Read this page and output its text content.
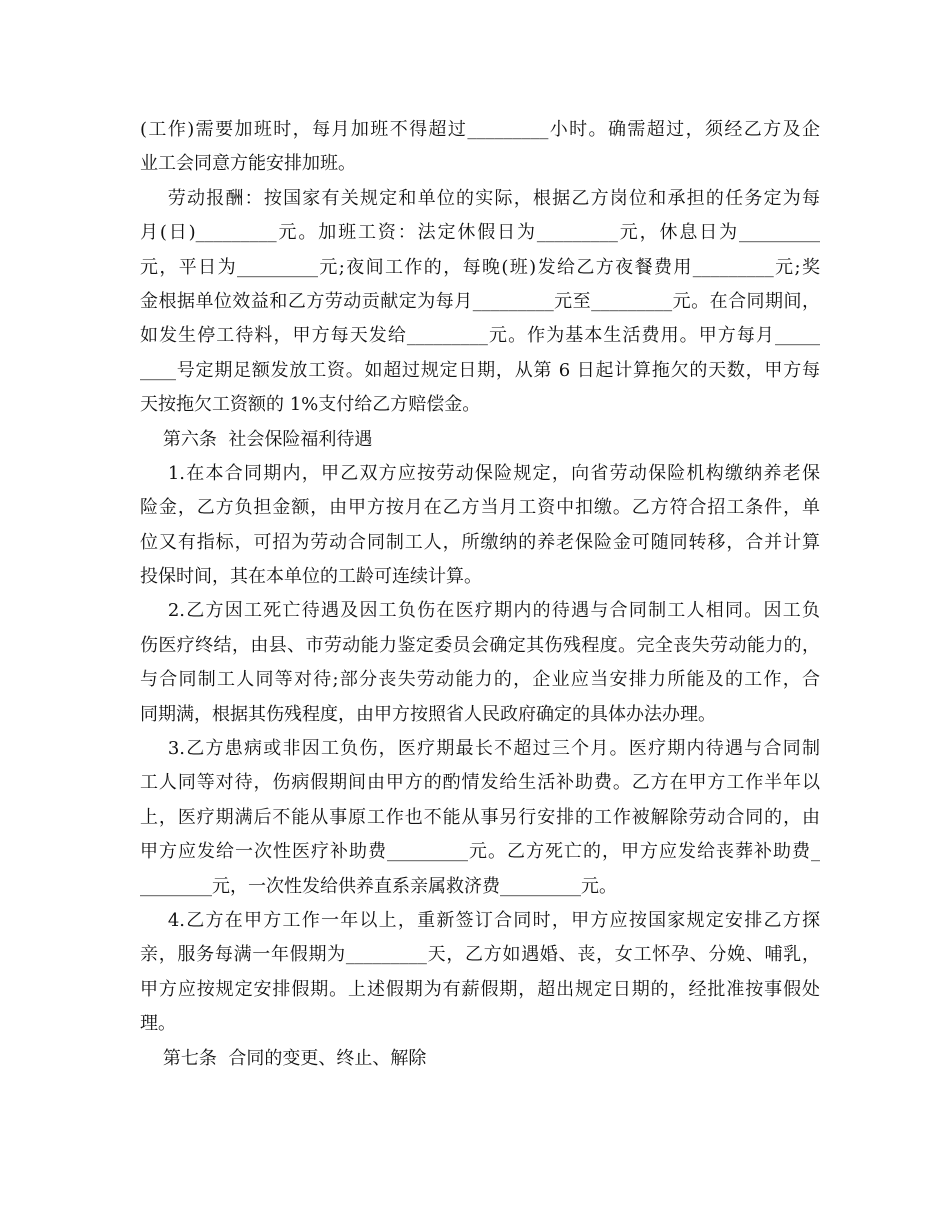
(工作)需要加班时，每月加班不得超过_________小时。确需超过，须经乙方及企
业工会同意方能安排加班。
劳动报酬：按国家有关规定和单位的实际，根据乙方岗位和承担的任务定为每
月(日)_________元。加班工资：法定休假日为_________元，休息日为_________
元，平日为_________元;夜间工作的，每晚(班)发给乙方夜餐费用_________元;奖
金根据单位效益和乙方劳动贡献定为每月_________元至_________元。在合同期间，
如发生停工待料，甲方每天发给_________元。作为基本生活费用。甲方每月_____
____号定期足额发放工资。如超过规定日期，从第 6 日起计算拖欠的天数，甲方每
天按拖欠工资额的 1%支付给乙方赔偿金。
第六条  社会保险福利待遇
1.在本合同期内，甲乙双方应按劳动保险规定，向省劳动保险机构缴纳养老保
险金，乙方负担金额，由甲方按月在乙方当月工资中扣缴。乙方符合招工条件，单
位又有指标，可招为劳动合同制工人，所缴纳的养老保险金可随同转移，合并计算
投保时间，其在本单位的工龄可连续计算。
2.乙方因工死亡待遇及因工负伤在医疗期内的待遇与合同制工人相同。因工负
伤医疗终结，由县、市劳动能力鉴定委员会确定其伤残程度。完全丧失劳动能力的，
与合同制工人同等对待;部分丧失劳动能力的，企业应当安排力所能及的工作，合
同期满，根据其伤残程度，由甲方按照省人民政府确定的具体办法办理。
3.乙方患病或非因工负伤，医疗期最长不超过三个月。医疗期内待遇与合同制
工人同等对待，伤病假期间由甲方的酌情发给生活补助费。乙方在甲方工作半年以
上，医疗期满后不能从事原工作也不能从事另行安排的工作被解除劳动合同的，由
甲方应发给一次性医疗补助费_________元。乙方死亡的，甲方应发给丧葬补助费_
________元，一次性发给供养直系亲属救济费_________元。
4.乙方在甲方工作一年以上，重新签订合同时，甲方应按国家规定安排乙方探
亲，服务每满一年假期为_________天，乙方如遇婚、丧，女工怀孕、分娩、哺乳，
甲方应按规定安排假期。上述假期为有薪假期，超出规定日期的，经批准按事假处
理。
第七条  合同的变更、终止、解除
